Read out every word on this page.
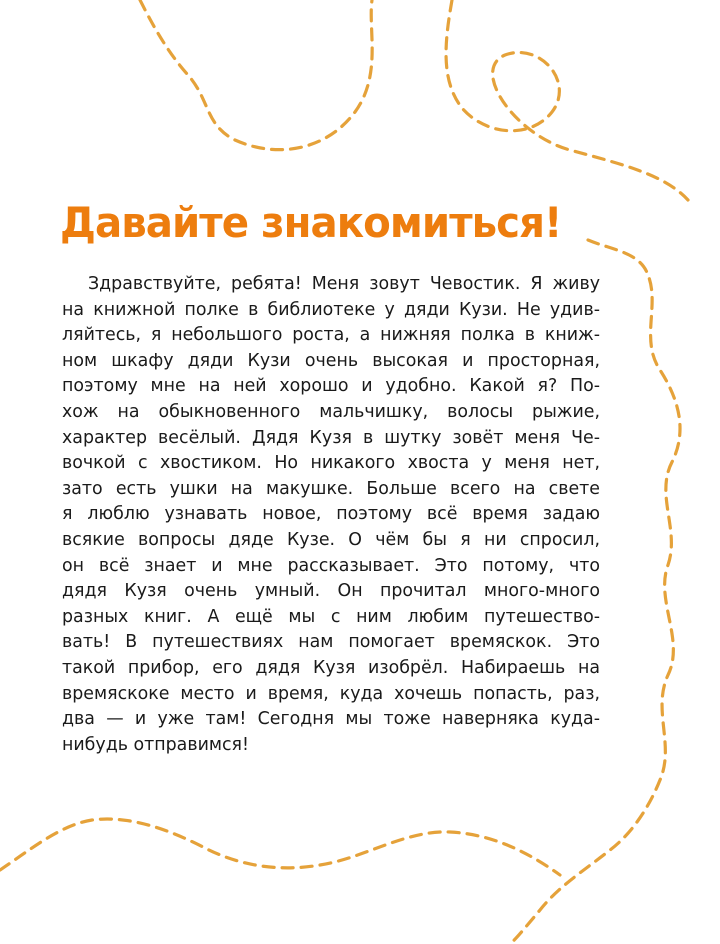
Давайте знакомиться!
Здравствуйте, ребята! Меня зовут Чевостик. Я живу
на книжной полке в библиотеке у дяди Кузи. Не удив-
ляйтесь, я небольшого роста, а нижняя полка в книж-
ном шкафу дяди Кузи очень высокая и просторная,
поэтому мне на ней хорошо и удобно. Какой я? По-
хож на обыкновенного мальчишку, волосы рыжие,
характер весёлый. Дядя Кузя в шутку зовёт меня Че-
вочкой с хвостиком. Но никакого хвоста у меня нет,
зато есть ушки на макушке. Больше всего на свете
я люблю узнавать новое, поэтому всё время задаю
всякие вопросы дяде Кузе. О чём бы я ни спросил,
он всё знает и мне рассказывает. Это потому, что
дядя Кузя очень умный. Он прочитал много-много
разных книг. А ещё мы с ним любим путешество-
вать! В путешествиях нам помогает времяскок. Это
такой прибор, его дядя Кузя изобрёл. Набираешь на
времяскоке место и время, куда хочешь попасть, раз,
два — и уже там! Сегодня мы тоже наверняка куда-
нибудь отправимся!
